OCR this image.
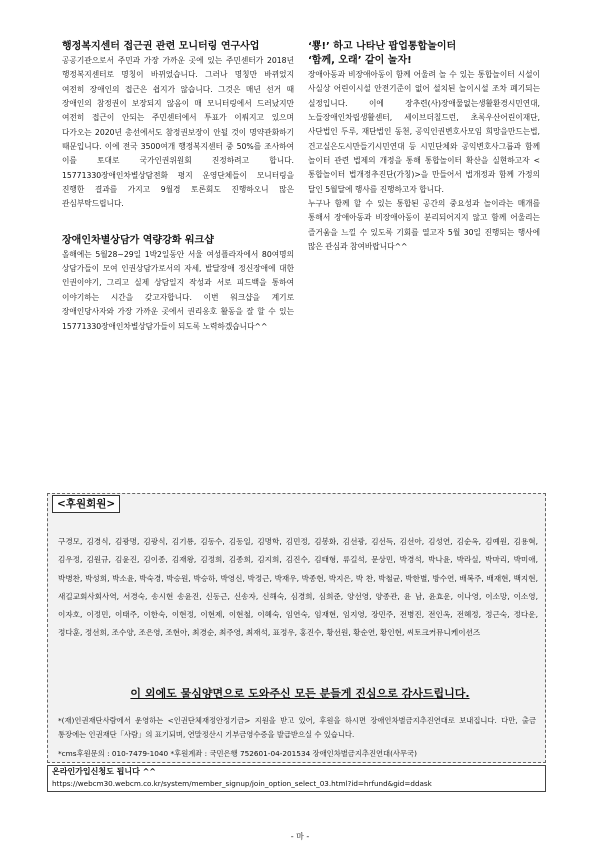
행정복지센터 접근권 관련 모니터링 연구사업
공공기관으로서 주민과 가장 가까운 곳에 있는 주민센터가 2018년 행정복지센터로 명칭이 바뀌었습니다. 그러나 명칭만 바뀌었지 여전히 장애인의 접근은 쉽지가 않습니다. 그것은 매년 선거 때 장애인의 참정권이 보장되지 않음이 매 모니터링에서 드러났지만 여전히 접근이 안되는 주민센터에서 투표가 이뤄지고 있으며 다가오는 2020년 총선에서도 참정권보장이 안될 것이 명약관화하기 때문입니다. 이에 전국 3500여개 행정복지센터 중 50%를 조사하여 이를 토대로 국가인권위원회 진정하려고 합니다. 15771330장애인차별상담전화 평지 운영단체들이 모니터링을 진행한 결과를 가지고 9월경 토론회도 진행하오니 많은 관심부탁드립니다.
장애인차별상담가 역량강화 워크샵
올해에는 5월28~29일 1박2일동안 서울 여성플라자에서 80여명의 상담가들이 모여 인권상담가로서의 자세, 발달장애 정신장애에 대한 인권이야기, 그리고 실제 상담일지 작성과 서로 피드백을 통하여 이야기하는 시간을 갖고자합니다. 이번 워크샵을 계기로 장애인당사자와 가장 가까운 곳에서 권리옹호 활동을 잘 할 수 있는 15771330장애인차별상담가들이 되도록 노력하겠습니다^^
‘뿅!’ 하고 나타난 팝업통합놀이터
‘함께, 오래’ 같이 놀자!
장애아동과 비장애아동이 함께 어울려 놀 수 있는 통합놀이터 시설이 사실상 어린이시설 안전기준이 없어 설치된 놀이시설 조차 폐기되는 실정입니다. 이에 장추련(사)장애물없는생활환경시민연대, 노들장애인차립생활센터, 세이브더칠드런, 초록우산어린이재단, 사단법인 두루, 재단법인 동천, 공익인권변호사모임 희망을만드는법, 건고실은도시만들기시민연대 등 시민단체와 공익변호사그룹과 함께 놀이터 관련 법제의 개정을 통해 통합놀이터 확산을 실현하고자 <통합놀이터 법개정추진단(가칭)>을 만들어서 법개정과 함께 가정의 달인 5월달에 행사를 진행하고자 합니다.
누구나 함께 할 수 있는 통합된 공간의 중요성과 놀이라는 매개를 통해서 장애아동과 비장애아동이 분리되어지지 않고 함께 어울리는 즐거움을 느낄 수 있도록 기회를 열고자 5월 30일 진행되는 행사에 많은 관심과 참여바랍니다^^
<후원회원>
구경모, 김경식, 김광명, 김광식, 김기룡, 김동수, 김동일, 김명학, 김민정, 김봉화, 김선광, 김선득, 김선아, 김성연, 김순옥, 김예원, 김용혁, 김우정, 김원규, 김윤진, 김이종, 김재왕, 김정희, 김종희, 김지희, 김진수, 김태형, 류길석, 문상민, 박경석, 박나윤, 박라실, 박마리, 박미애, 박병찬, 박성희, 박소윤, 박숙경, 박승원, 박승하, 박영신, 박정근, 박재우, 박종현, 박지은, 박 찬, 박철균, 박한별, 방수연, 배복주, 배재현, 백지현, 새길교회사회사역, 서경숙, 송시현 송윤진, 신동근, 신송자, 신해숙, 심경희, 심희준, 양선영, 양종관, 윤 남, 윤효운, 이나영, 이소망, 이소영, 이자호, 이정민, 이태주, 이한숙, 이현정, 이현제, 이현철, 이혜숙, 임연숙, 임재현, 임지영, 장민주, 전병진, 전인옥, 전혜정, 정근숙, 정다운, 정다훈, 정선희, 조수양, 조은영, 조현아, 최경순, 최주영, 최재석, 표정우, 홍진수, 황선원, 황순연, 황인현, 씨토크커뮤니케이션즈
이 외에도 물심양면으로 도와주신 모든 분들게 진심으로 감사드립니다.
*(재)인권재단사람에서 운영하는 <인권단체재정안정기금> 지원을 받고 있어, 후원을 하시면 장애인차별금지추진연대로 보내집니다. 다만, 출금 통장에는 인권재단「사람」의 표기되며, 연말정산시 기부금영수증을 발급받으실 수 있습니다.
*cms후원문의 : 010-7479-1040 *후원계좌 : 국민은행 752601-04-201534 장애인차별금지추진연대(사무국)
온라인가입신청도 됩니다 ^^
https://webcm30.webcm.co.kr/system/member_signup/join_option_select_03.html?id=hrfund&gid=ddask
- 마 -
